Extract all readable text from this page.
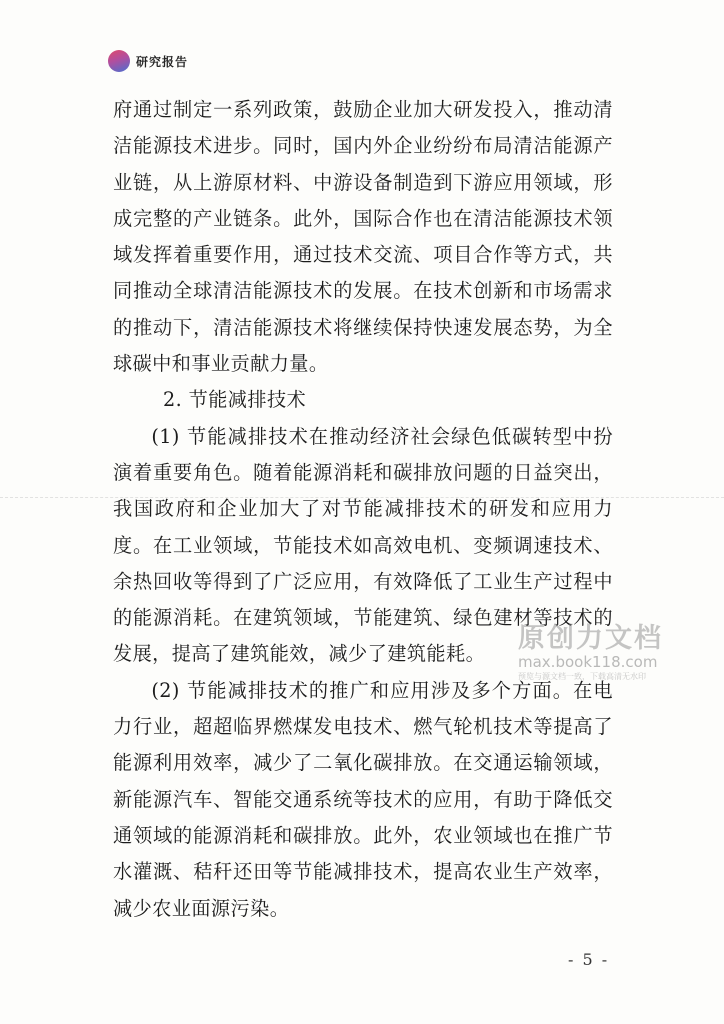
研究报告

府通过制定一系列政策，鼓励企业加大研发投入，推动清洁能源技术进步。同时，国内外企业纷纷布局清洁能源产业链，从上游原材料、中游设备制造到下游应用领域，形成完整的产业链条。此外，国际合作也在清洁能源技术领域发挥着重要作用，通过技术交流、项目合作等方式，共同推动全球清洁能源技术的发展。在技术创新和市场需求的推动下，清洁能源技术将继续保持快速发展态势，为全球碳中和事业贡献力量。

2. 节能减排技术

(1) 节能减排技术在推动经济社会绿色低碳转型中扮演着重要角色。随着能源消耗和碳排放问题的日益突出，我国政府和企业加大了对节能减排技术的研发和应用力度。在工业领域，节能技术如高效电机、变频调速技术、余热回收等得到了广泛应用，有效降低了工业生产过程中的能源消耗。在建筑领域，节能建筑、绿色建材等技术的发展，提高了建筑能效，减少了建筑能耗。

(2) 节能减排技术的推广和应用涉及多个方面。在电力行业，超超临界燃煤发电技术、燃气轮机技术等提高了能源利用效率，减少了二氧化碳排放。在交通运输领域，新能源汽车、智能交通系统等技术的应用，有助于降低交通领域的能源消耗和碳排放。此外，农业领域也在推广节水灌溉、秸秆还田等节能减排技术，提高农业生产效率，减少农业面源污染。

原创力文档
max.book118.com
预览与源文档一致，下载高清无水印
- 5 -
